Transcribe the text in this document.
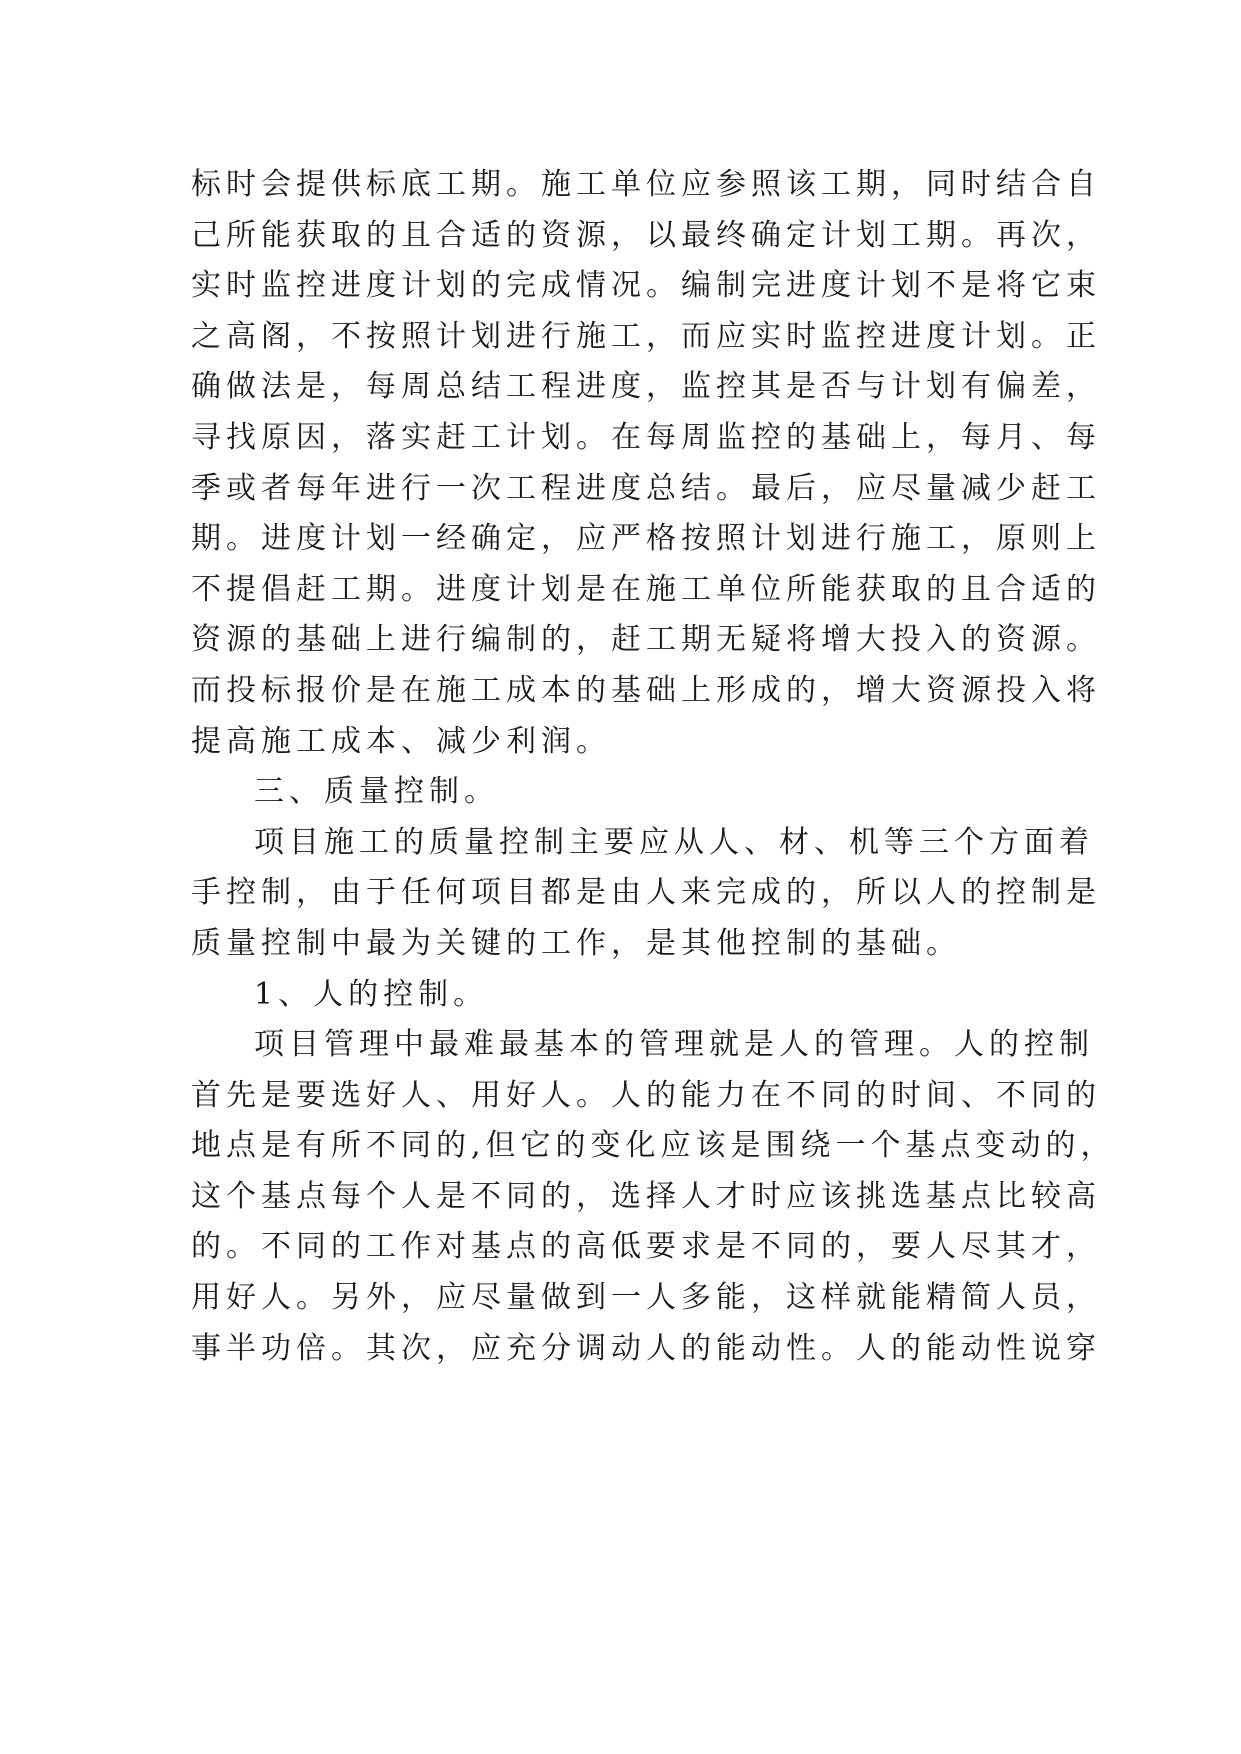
标时会提供标底工期。施工单位应参照该工期，同时结合自
己所能获取的且合适的资源，以最终确定计划工期。再次，
实时监控进度计划的完成情况。编制完进度计划不是将它束
之高阁，不按照计划进行施工，而应实时监控进度计划。正
确做法是，每周总结工程进度，监控其是否与计划有偏差，
寻找原因，落实赶工计划。在每周监控的基础上，每月、每
季或者每年进行一次工程进度总结。最后，应尽量减少赶工
期。进度计划一经确定，应严格按照计划进行施工，原则上
不提倡赶工期。进度计划是在施工单位所能获取的且合适的
资源的基础上进行编制的，赶工期无疑将增大投入的资源。
而投标报价是在施工成本的基础上形成的，增大资源投入将
提高施工成本、减少利润。
三、质量控制。
项目施工的质量控制主要应从人、材、机等三个方面着
手控制，由于任何项目都是由人来完成的，所以人的控制是
质量控制中最为关键的工作，是其他控制的基础。
1、人的控制。
项目管理中最难最基本的管理就是人的管理。人的控制
首先是要选好人、用好人。人的能力在不同的时间、不同的
地点是有所不同的,但它的变化应该是围绕一个基点变动的，
这个基点每个人是不同的，选择人才时应该挑选基点比较高
的。不同的工作对基点的高低要求是不同的，要人尽其才，
用好人。另外，应尽量做到一人多能，这样就能精简人员，
事半功倍。其次，应充分调动人的能动性。人的能动性说穿
